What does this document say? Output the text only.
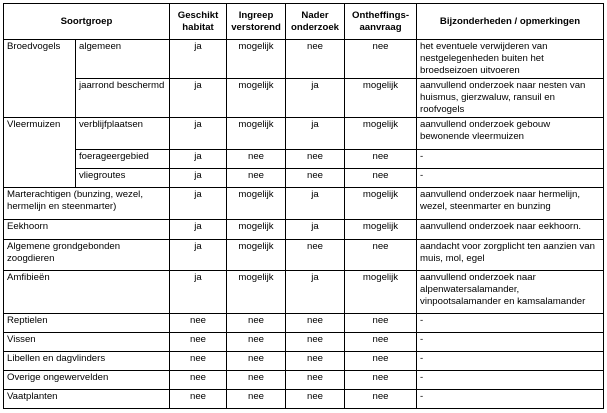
Soortgroep		Geschikt habitat	Ingreep verstorend	Nader onderzoek	Ontheffings-aanvraag	Bijzonderheden / opmerkingen
Broedvogels	algemeen	ja	mogelijk	nee	nee	het eventuele verwijderen van nestgelegenheden buiten het broedseizoen uitvoeren
	jaarrond beschermd	ja	mogelijk	ja	mogelijk	aanvullend onderzoek naar nesten van huismus, gierzwaluw, ransuil en roofvogels
Vleermuizen	verblijfplaatsen	ja	mogelijk	ja	mogelijk	aanvullend onderzoek gebouw bewonende vleermuizen
	foerageergebied	ja	nee	nee	nee	-
	vliegroutes	ja	nee	nee	nee	-
Marterachtigen (bunzing, wezel, hermelijn en steenmarter)		ja	mogelijk	ja	mogelijk	aanvullend onderzoek naar hermelijn, wezel, steenmarter en bunzing
Eekhoorn		ja	mogelijk	ja	mogelijk	aanvullend onderzoek naar eekhoorn.
Algemene grondgebonden zoogdieren		ja	mogelijk	nee	nee	aandacht voor zorgplicht ten aanzien van muis, mol, egel
Amfibieën		ja	mogelijk	ja	mogelijk	aanvullend onderzoek naar alpenwatersalamander, vinpootsalamander en kamsalamander
Reptielen		nee	nee	nee	nee	-
Vissen		nee	nee	nee	nee	-
Libellen en dagvlinders		nee	nee	nee	nee	-
Overige ongewervelden		nee	nee	nee	nee	-
Vaatplanten		nee	nee	nee	nee	-
